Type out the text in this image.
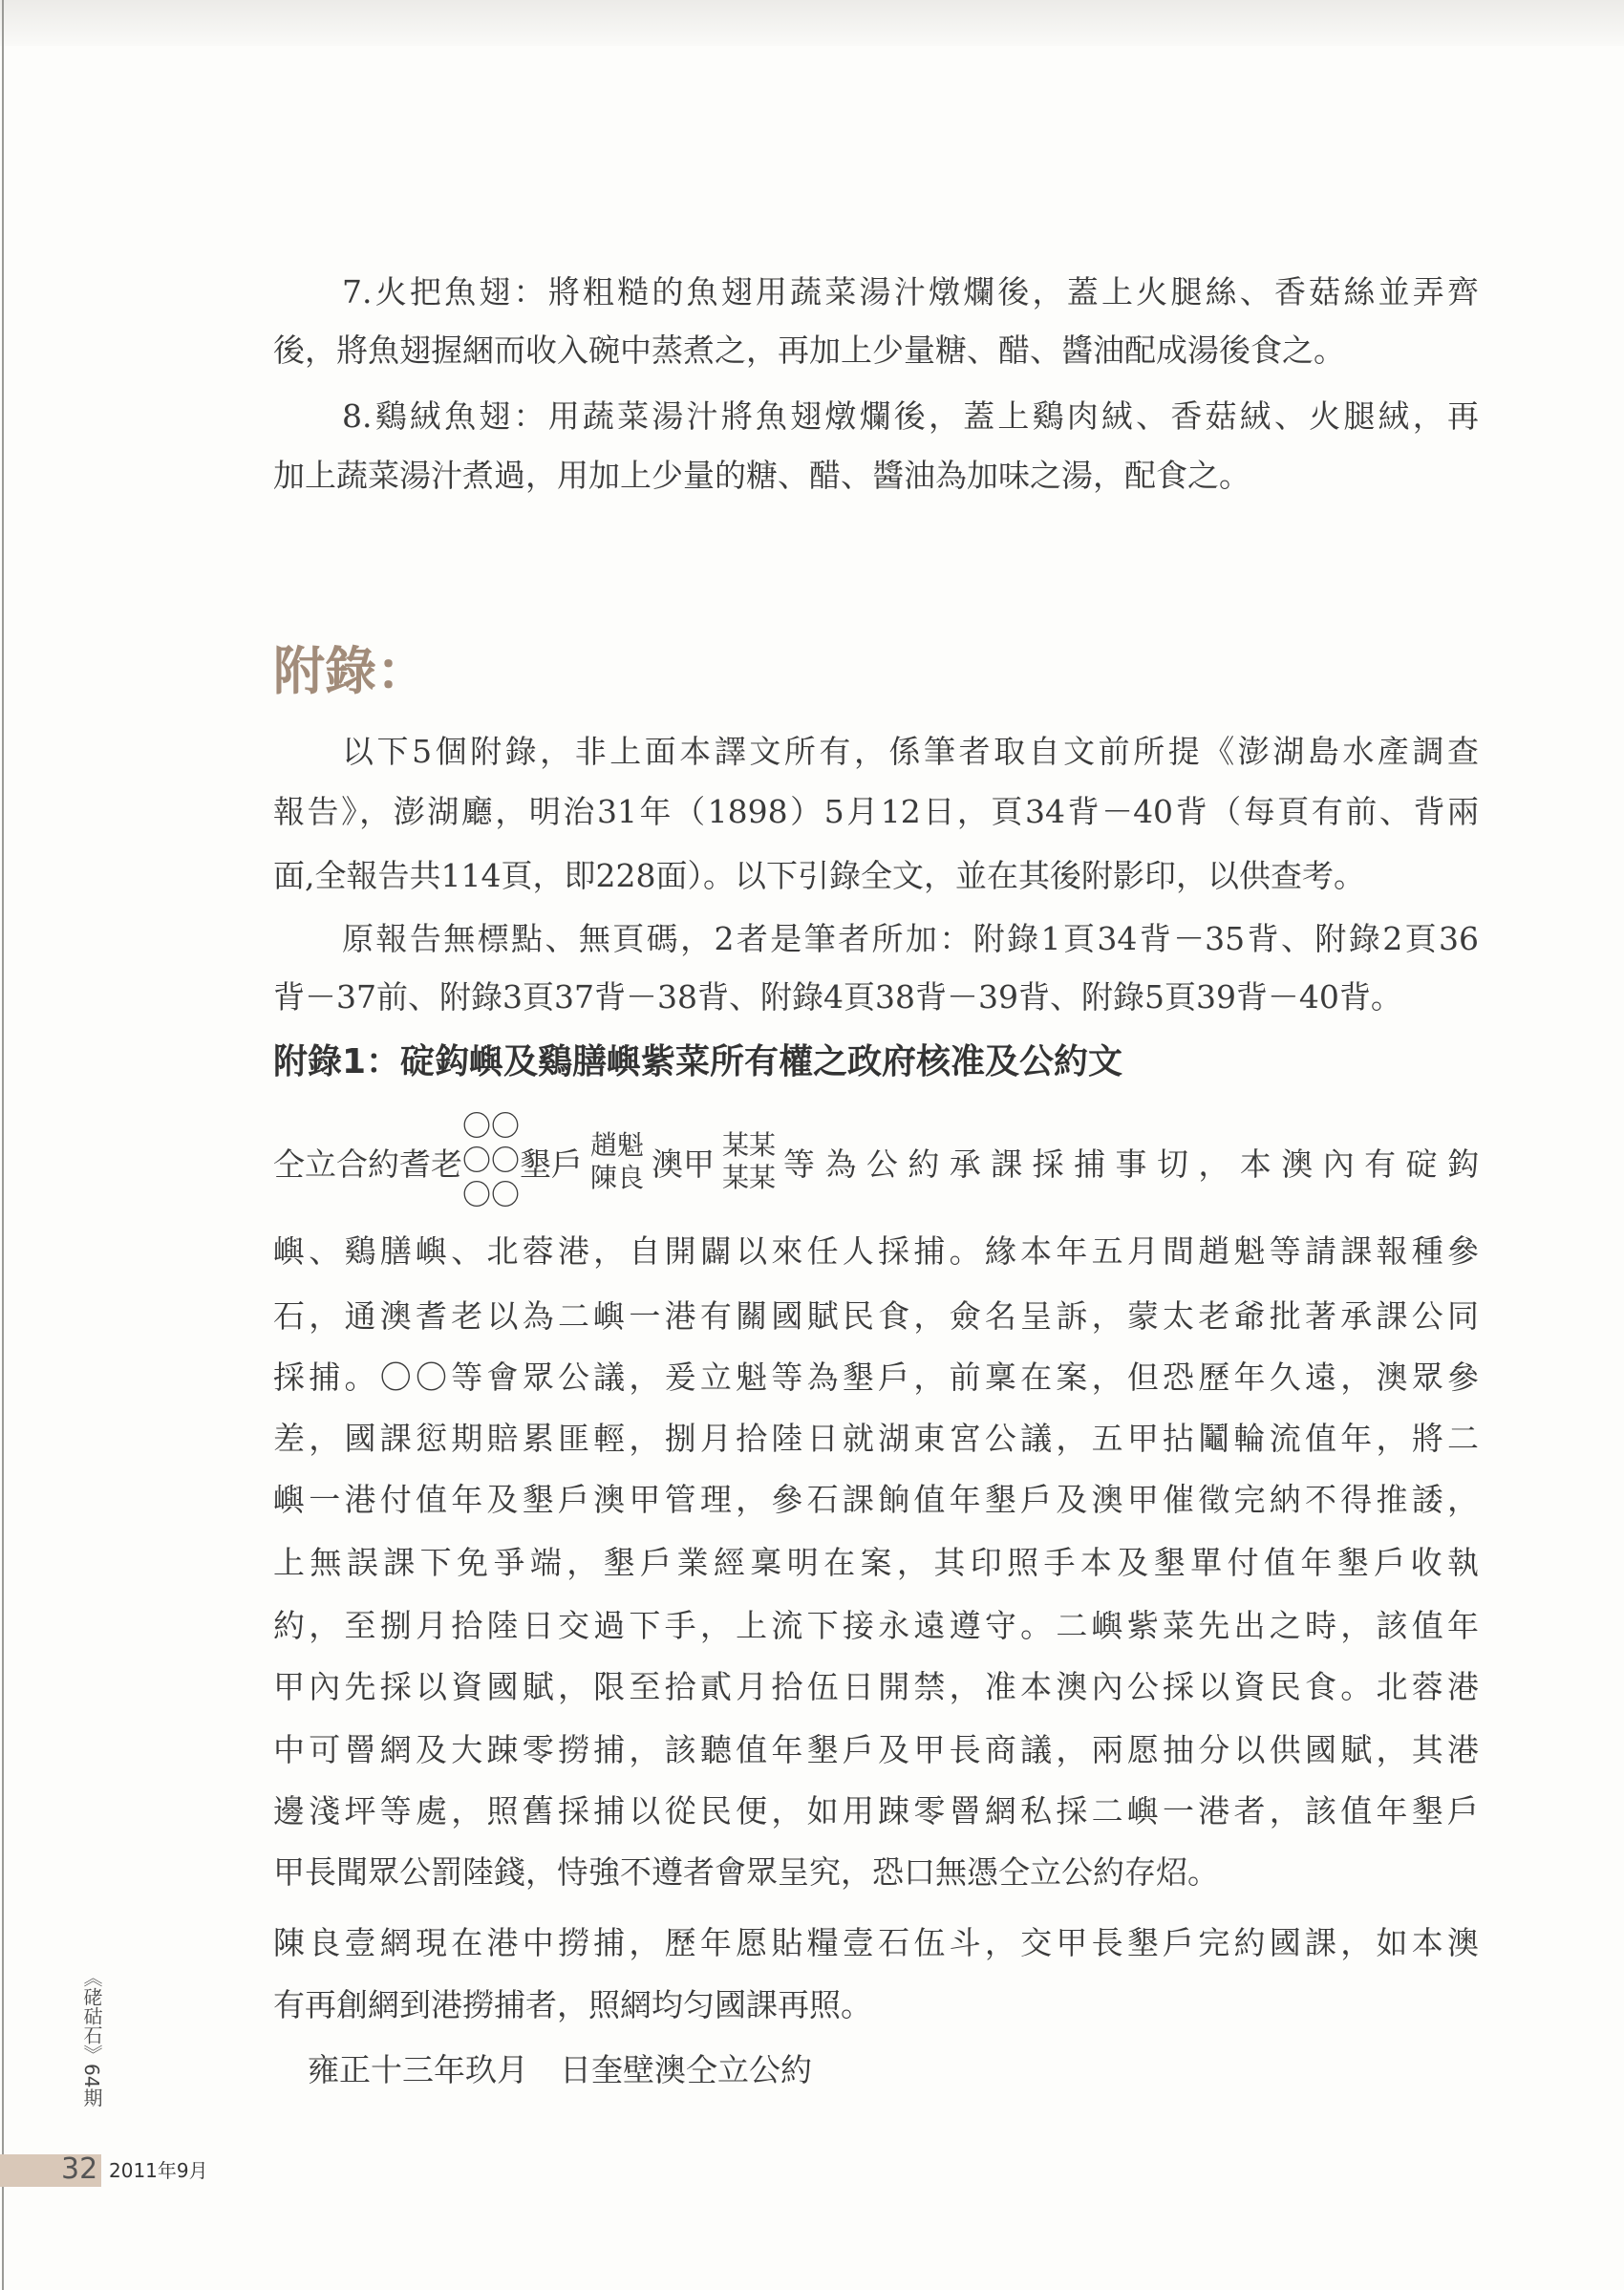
7.火把魚翅：將粗糙的魚翅用蔬菜湯汁燉爛後，蓋上火腿絲、香菇絲並弄齊
後，將魚翅握綑而收入碗中蒸煮之，再加上少量糖、醋、醬油配成湯後食之。
8.鷄絨魚翅：用蔬菜湯汁將魚翅燉爛後，蓋上鷄肉絨、香菇絨、火腿絨，再
加上蔬菜湯汁煮過，用加上少量的糖、醋、醬油為加味之湯，配食之。
附錄：
以下5個附錄，非上面本譯文所有，係筆者取自文前所提《澎湖島水產調查
報告》，澎湖廳，明治31年（1898）5月12日，頁34背－40背（每頁有前、背兩
面,全報告共114頁，即228面）。以下引錄全文，並在其後附影印，以供查考。
原報告無標點、無頁碼，2者是筆者所加：附錄1頁34背－35背、附錄2頁36
背－37前、附錄3頁37背－38背、附錄4頁38背－39背、附錄5頁39背－40背。
附錄1：碇鈎嶼及鷄膳嶼紫菜所有權之政府核准及公約文
仝立合約耆老
〇〇
〇〇
〇〇
墾戶 趙魁
陳良 澳甲 某某
某某 等為公約承課採捕事切，本澳內有碇鈎
嶼、鷄膳嶼、北蓉港，自開闢以來任人採捕。緣本年五月間趙魁等請課報種參
石，通澳耆老以為二嶼一港有關國賦民食，僉名呈訴，蒙太老爺批著承課公同
採捕。〇〇等會眾公議，爰立魁等為墾戶，前稟在案，但恐歷年久遠，澳眾參
差，國課愆期賠累匪輕，捌月拾陸日就湖東宮公議，五甲拈鬮輪流值年，將二
嶼一港付值年及墾戶澳甲管理，參石課餉值年墾戶及澳甲催徵完納不得推諉，
上無誤課下免爭端，墾戶業經稟明在案，其印照手本及墾單付值年墾戶收執
約，至捌月拾陸日交過下手，上流下接永遠遵守。二嶼紫菜先出之時，該值年
甲內先採以資國賦，限至拾貳月拾伍日開禁，准本澳內公採以資民食。北蓉港
中可罾網及大踈零撈捕，該聽值年墾戶及甲長商議，兩愿抽分以供國賦，其港
邊淺坪等處，照舊採捕以從民便，如用踈零罾網私採二嶼一港者，該值年墾戶
甲長聞眾公罰陸錢，恃強不遵者會眾呈究，恐口無憑仝立公約存炤。
陳良壹網現在港中撈捕，歷年愿貼糧壹石伍斗，交甲長墾戶完約國課，如本澳
有再創網到港撈捕者，照網均匀國課再照。
雍正十三年玖月　日奎壁澳仝立公約
《硓𥑮石》64期
32 2011年9月
